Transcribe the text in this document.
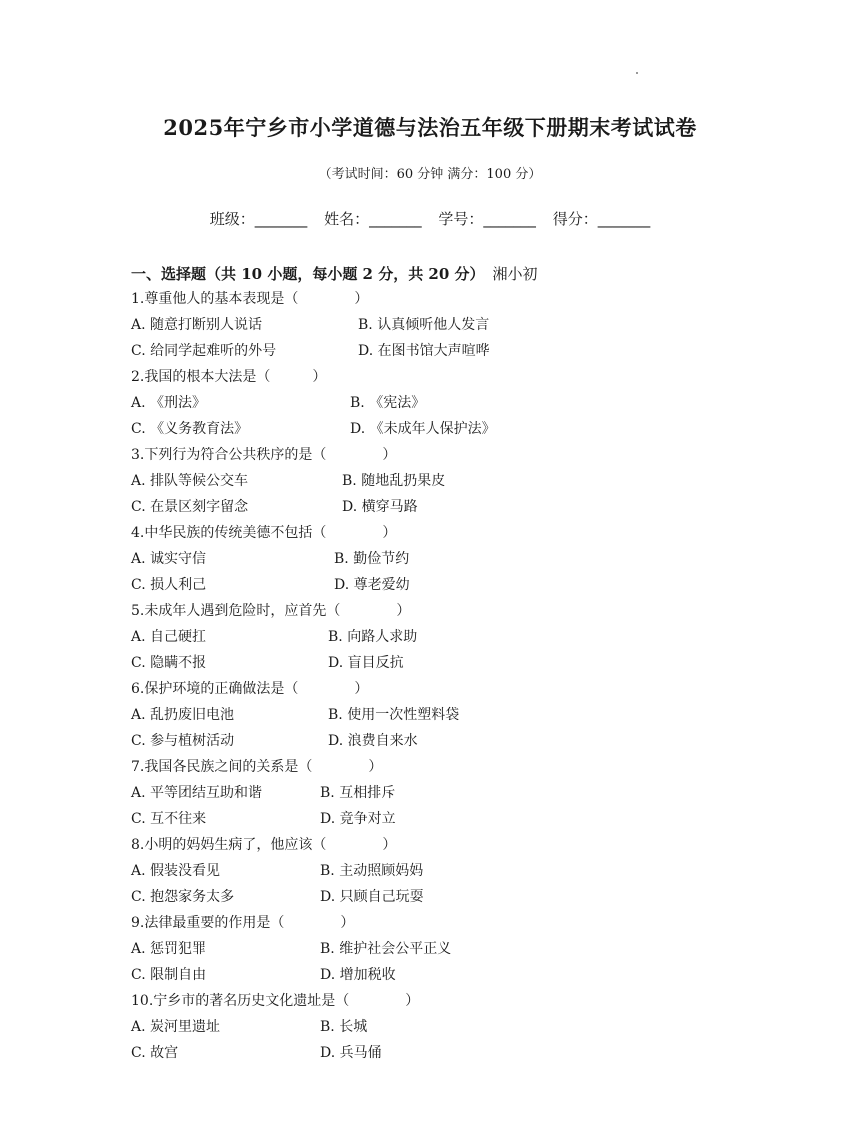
2025年宁乡市小学道德与法治五年级下册期末考试试卷
（考试时间：60 分钟 满分：100 分）
班级：_______ 姓名：_______ 学号：_______ 得分：_______
一、选择题（共 10 小题，每小题 2 分，共 20 分） 湘小初
1.尊重他人的基本表现是（　　　　）
A. 随意打断别人说话	B. 认真倾听他人发言
C. 给同学起难听的外号	D. 在图书馆大声喧哗
2.我国的根本大法是（　　　）
A. 《刑法》	B. 《宪法》
C. 《义务教育法》	D. 《未成年人保护法》
3.下列行为符合公共秩序的是（　　　　）
A. 排队等候公交车	B. 随地乱扔果皮
C. 在景区刻字留念	D. 横穿马路
4.中华民族的传统美德不包括（　　　　）
A. 诚实守信	B. 勤俭节约
C. 损人利己	D. 尊老爱幼
5.未成年人遇到危险时，应首先（　　　　）
A. 自己硬扛	B. 向路人求助
C. 隐瞒不报	D. 盲目反抗
6.保护环境的正确做法是（　　　　）
A. 乱扔废旧电池	B. 使用一次性塑料袋
C. 参与植树活动	D. 浪费自来水
7.我国各民族之间的关系是（　　　　）
A. 平等团结互助和谐	B. 互相排斥
C. 互不往来	D. 竞争对立
8.小明的妈妈生病了，他应该（　　　　）
A. 假装没看见	B. 主动照顾妈妈
C. 抱怨家务太多	D. 只顾自己玩耍
9.法律最重要的作用是（　　　　）
A. 惩罚犯罪	B. 维护社会公平正义
C. 限制自由	D. 增加税收
10.宁乡市的著名历史文化遗址是（　　　　）
A. 炭河里遗址	B. 长城
C. 故宫	D. 兵马俑
